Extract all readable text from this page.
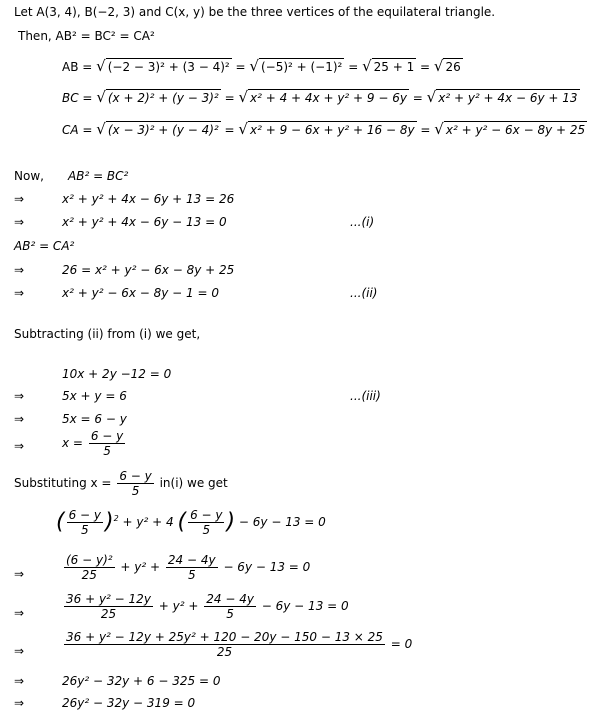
Let A(3, 4), B(−2, 3) and C(x, y) be the three vertices of the equilateral triangle.
Then, AB² = BC² = CA²
AB = √ (−2 − 3)² + (3 − 4)² = √ (−5)² + (−1)² = √ 25 + 1 = √ 26
BC = √ (x + 2)² + (y − 3)² = √ x² + 4 + 4x + y² + 9 − 6y = √ x² + y² + 4x − 6y + 13
CA = √ (x − 3)² + (y − 4)² = √ x² + 9 − 6x + y² + 16 − 8y = √ x² + y² − 6x − 8y + 25
Now, AB² = BC²
⇒	x² + y² + 4x − 6y + 13 = 26
⇒	x² + y² + 4x − 6y − 13 = 0	...(i)
AB² = CA²
⇒	26 = x² + y² − 6x − 8y + 25
⇒	x² + y² − 6x − 8y − 1 = 0	...(ii)
Subtracting (ii) from (i) we get,
10x + 2y −12 = 0
⇒	5x + y = 6	...(iii)
⇒	5x = 6 − y
⇒	$x = \frac{6 - y}{5}$
Substituting $x = \frac{6 - y}{5} in(i)$ we get
( $\frac{6 - y}{5} )^2 + y^2 + 4$ ( $\frac{6 - y}{5}$ ) − 6y − 13 = 0
⇒	$\frac{\text{(6 − y)²}}{25} + y^2 + \frac{24 - 4y}{5} - 6y - 13 = 0$
⇒	$\frac{\text{36 + y² − 12y}}{25} + y^2 + \frac{24 - 4y}{5} - 6y - 13 = 0$
⇒	$\frac{\text{36 + y² − 12y + 25y² + 120 − 20y − 150 − 13 × 25}}{25} = 0$
⇒	26y² − 32y + 6 − 325 = 0
⇒	26y² − 32y − 319 = 0
